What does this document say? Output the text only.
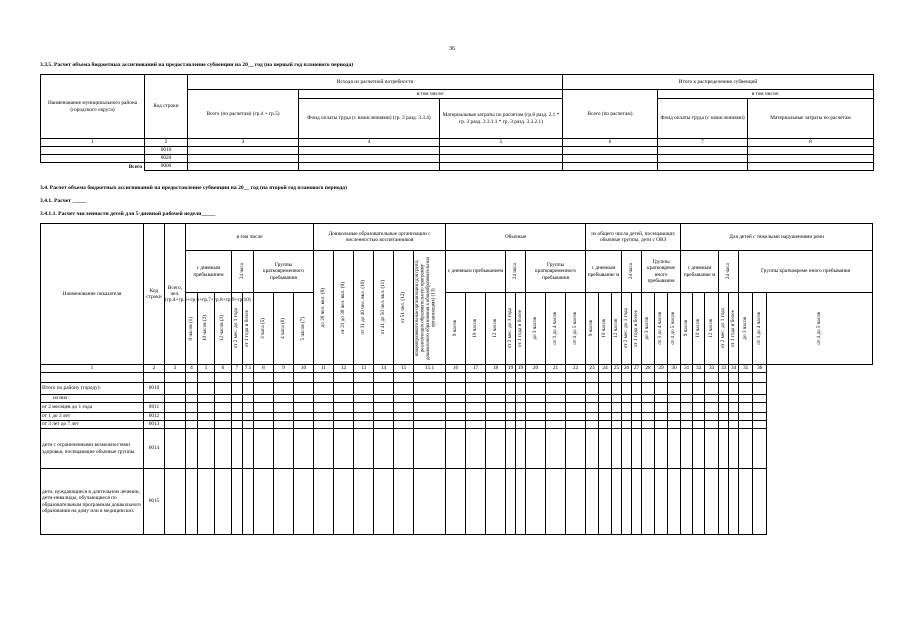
36
3.3.5. Расчет объема бюджетных ассигнований на предоставление субвенции на 20__ год (на первый год планового периода)
Наименование муниципального района (городского округа)	Код строки	Исходя из расчетной потребности			Итого к распределению субвенций		
		Всего (по расчетам) (гр.4 + гр.5)	в том числе:		Всего (по расчетам)	в том числе:	
			Фонд оплаты труда (с начислениями) (гр. 3 разд. 3.3.4)	Материальные затраты по расчетам (гр.8 разд. 2.1 * гр. 3 разд. 3.3.1.1 * гр. 3 разд. 3.3.2.1)		Фонд оплаты труда (с начислениями)	Материальные затраты по расчетам
1	2	3	4	5	6	7	8
	0010						
	0020						
Всего	0000						
3.4. Расчет объема бюджетных ассигнований на предоставление субвенции на 20__ год (на второй год планового периода)
3.4.1. Расчет _____
3.4.1.1. Расчет численности детей для 5-дневной рабочей недели_____
Наименование показателя	Код строки	Всего, чел. (гр.4+гр.5+гр.6+гр.7+гр.8+гр.9+гр.10)	в том числе								Дошкольные образовательные организации с численностью воспитанников						Обычные								из общего числа детей, посещающих обычные группы, дети с ОВЗ								Для детей с тяжелыми нарушениями речи							
			с дневным пребыванием			24 часа		Группы кратковременного пребывания			до 20 чел. вкл. (8)	от 21 до 30 чел. вкл. (9)	от 31 до 40 чел. вкл. (10)	от 41 до 50 чел. вкл. (11)	от 51 чел. (12)	общеобразовательные организации (для групп, реализующих образовательную программу дошкольного образования в общеобразовательных организациях) (13)	с дневным пребыванием			24 часа		Группы кратковременного пребывания			с дневным пребывание м			24 часа		Группы кратковреме нного пребывания			с дневным пребывание м			24 часа		Группы кратковреме нного пребывания		

			9 часов (1)	10 часов (2)	12 часов (3)	от 2 мес. до 1 года	от 1 года и более	3 часа (5)	4 часа (6)	5 часов (7)							9 часов	10 часов	12 часов	от 2 мес. до 1 года	от 1 года и более	до 3 часов	от 3 до 4 часов	от 4 до 5 часов	9 часов	10 часов	12 часов	от 2 мес. до 1 года	от 1 года и более	до 3 часов	от 3 до 4 часов	от 4 до 5 часов	9 часов	10 часов	12 часов	от 2 мес. до 1 года	от 1 года и более	до 3 часов	от 3 до 4 часов	от 4 до 5 часов

1	2	3	4	5	6	7	7.1	8	9	10	11	12	13	14	15	15.1	16	17	18	19	19	20	21	22	23	24	25	26	27	28	29	30	31	32	33	33	34	35	36	

Итого по району (городу):	0010																																							
из них:																																								
от 2 месяцев до 1 года	0011																																							
от 1 до 3 лет	0012																																							
от 3 лет до 7 лет	0013																																							
дети с ограниченными возможностями здоровья, посещающие обычные группы	0014																																							
дети, нуждающиеся в длительном лечении, дети-инвалиды, обучающиеся по образовательным программам дошкольного образования на дому или в медицинских	0015																																							
